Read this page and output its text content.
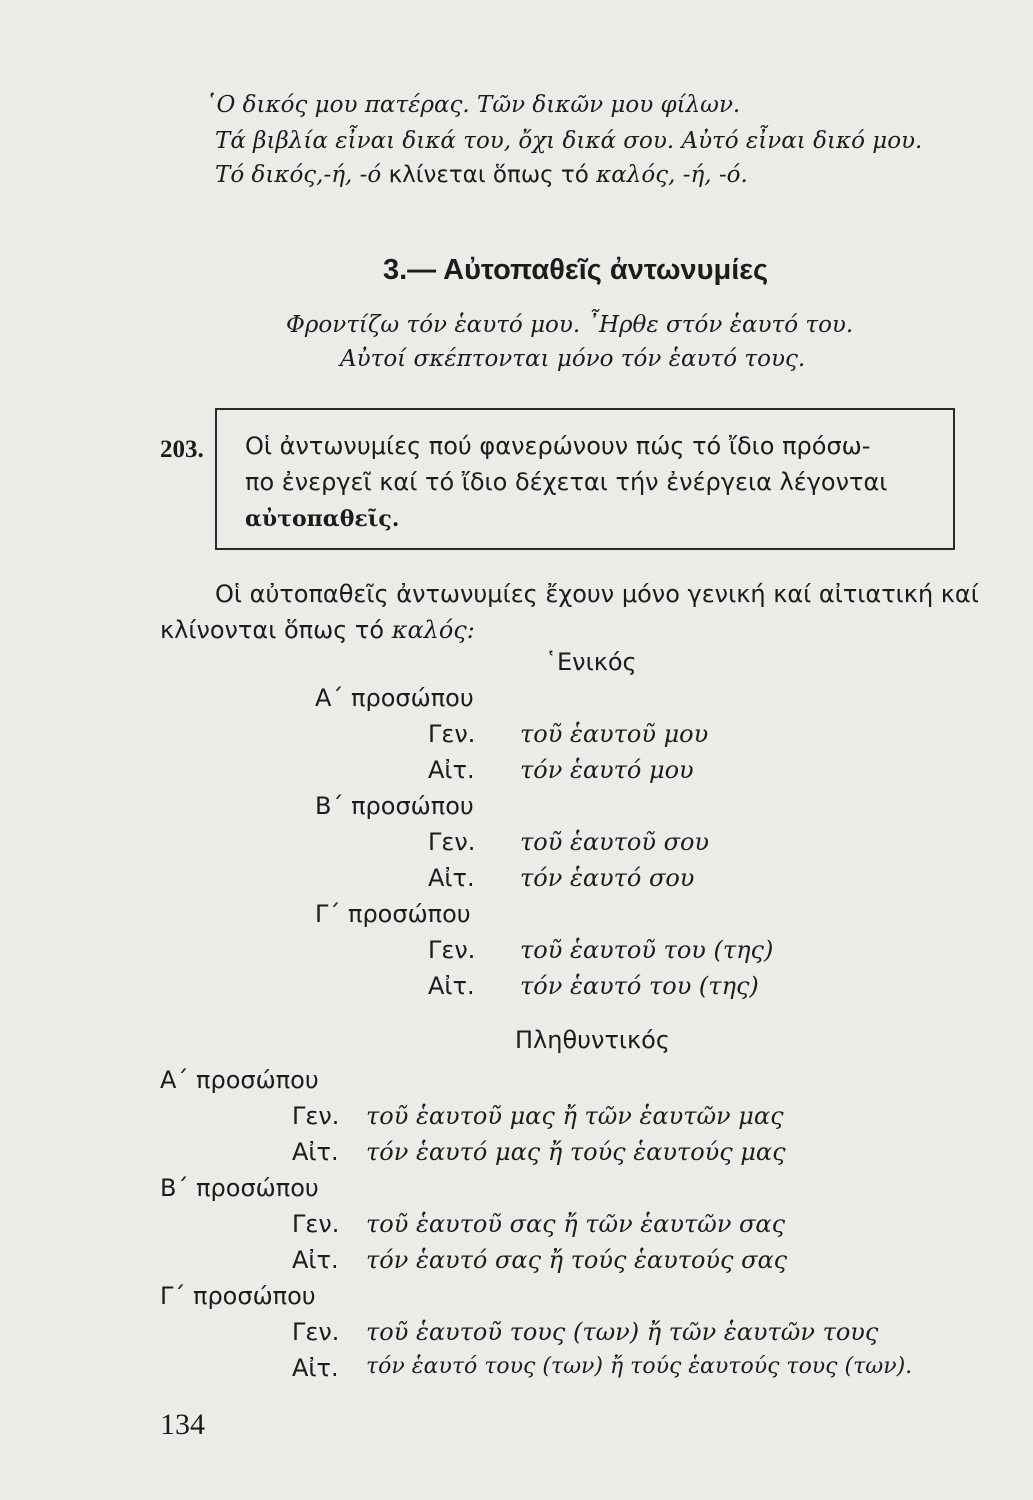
῾Ο δικός μου πατέρας. Τῶν δικῶν μου φίλων.
Τά βιβλία εἶναι δικά του, ὄχι δικά σου. Αὐτό εἶναι δικό μου.
Τό δικός,-ή, -ό κλίνεται ὅπως τό καλός, -ή, -ό.
3.— Αὐτοπαθεῖς ἀντωνυμίες
Φροντίζω τόν ἑαυτό μου. ῏Ηρθε στόν ἑαυτό του.
Αὐτοί σκέπτονται μόνο τόν ἑαυτό τους.
203. Οἱ ἀντωνυμίες πού φανερώνουν πώς τό ἴδιο πρόσω-
πο ἐνεργεῖ καί τό ἴδιο δέχεται τήν ἐνέργεια λέγονται
αὐτοπαθεῖς.
Οἱ αὐτοπαθεῖς ἀντωνυμίες ἔχουν μόνο γενική καί αἰτιατική καί
κλίνονται ὅπως τό καλός:
῾Ενικός
Α΄ προσώπου
Γεν. τοῦ ἑαυτοῦ μου
Αἰτ. τόν ἑαυτό μου
Β΄ προσώπου
Γεν. τοῦ ἑαυτοῦ σου
Αἰτ. τόν ἑαυτό σου
Γ΄ προσώπου
Γεν. τοῦ ἑαυτοῦ του (της)
Αἰτ. τόν ἑαυτό του (της)
Πληθυντικός
Α΄ προσώπου
Γεν. τοῦ ἑαυτοῦ μας ἤ τῶν ἑαυτῶν μας
Αἰτ. τόν ἑαυτό μας ἤ τούς ἑαυτούς μας
Β΄ προσώπου
Γεν. τοῦ ἑαυτοῦ σας ἤ τῶν ἑαυτῶν σας
Αἰτ. τόν ἑαυτό σας ἤ τούς ἑαυτούς σας
Γ΄ προσώπου
Γεν. τοῦ ἑαυτοῦ τους (των) ἤ τῶν ἑαυτῶν τους
Αἰτ. τόν ἑαυτό τους (των) ἤ τούς ἑαυτούς τους (των).
134
